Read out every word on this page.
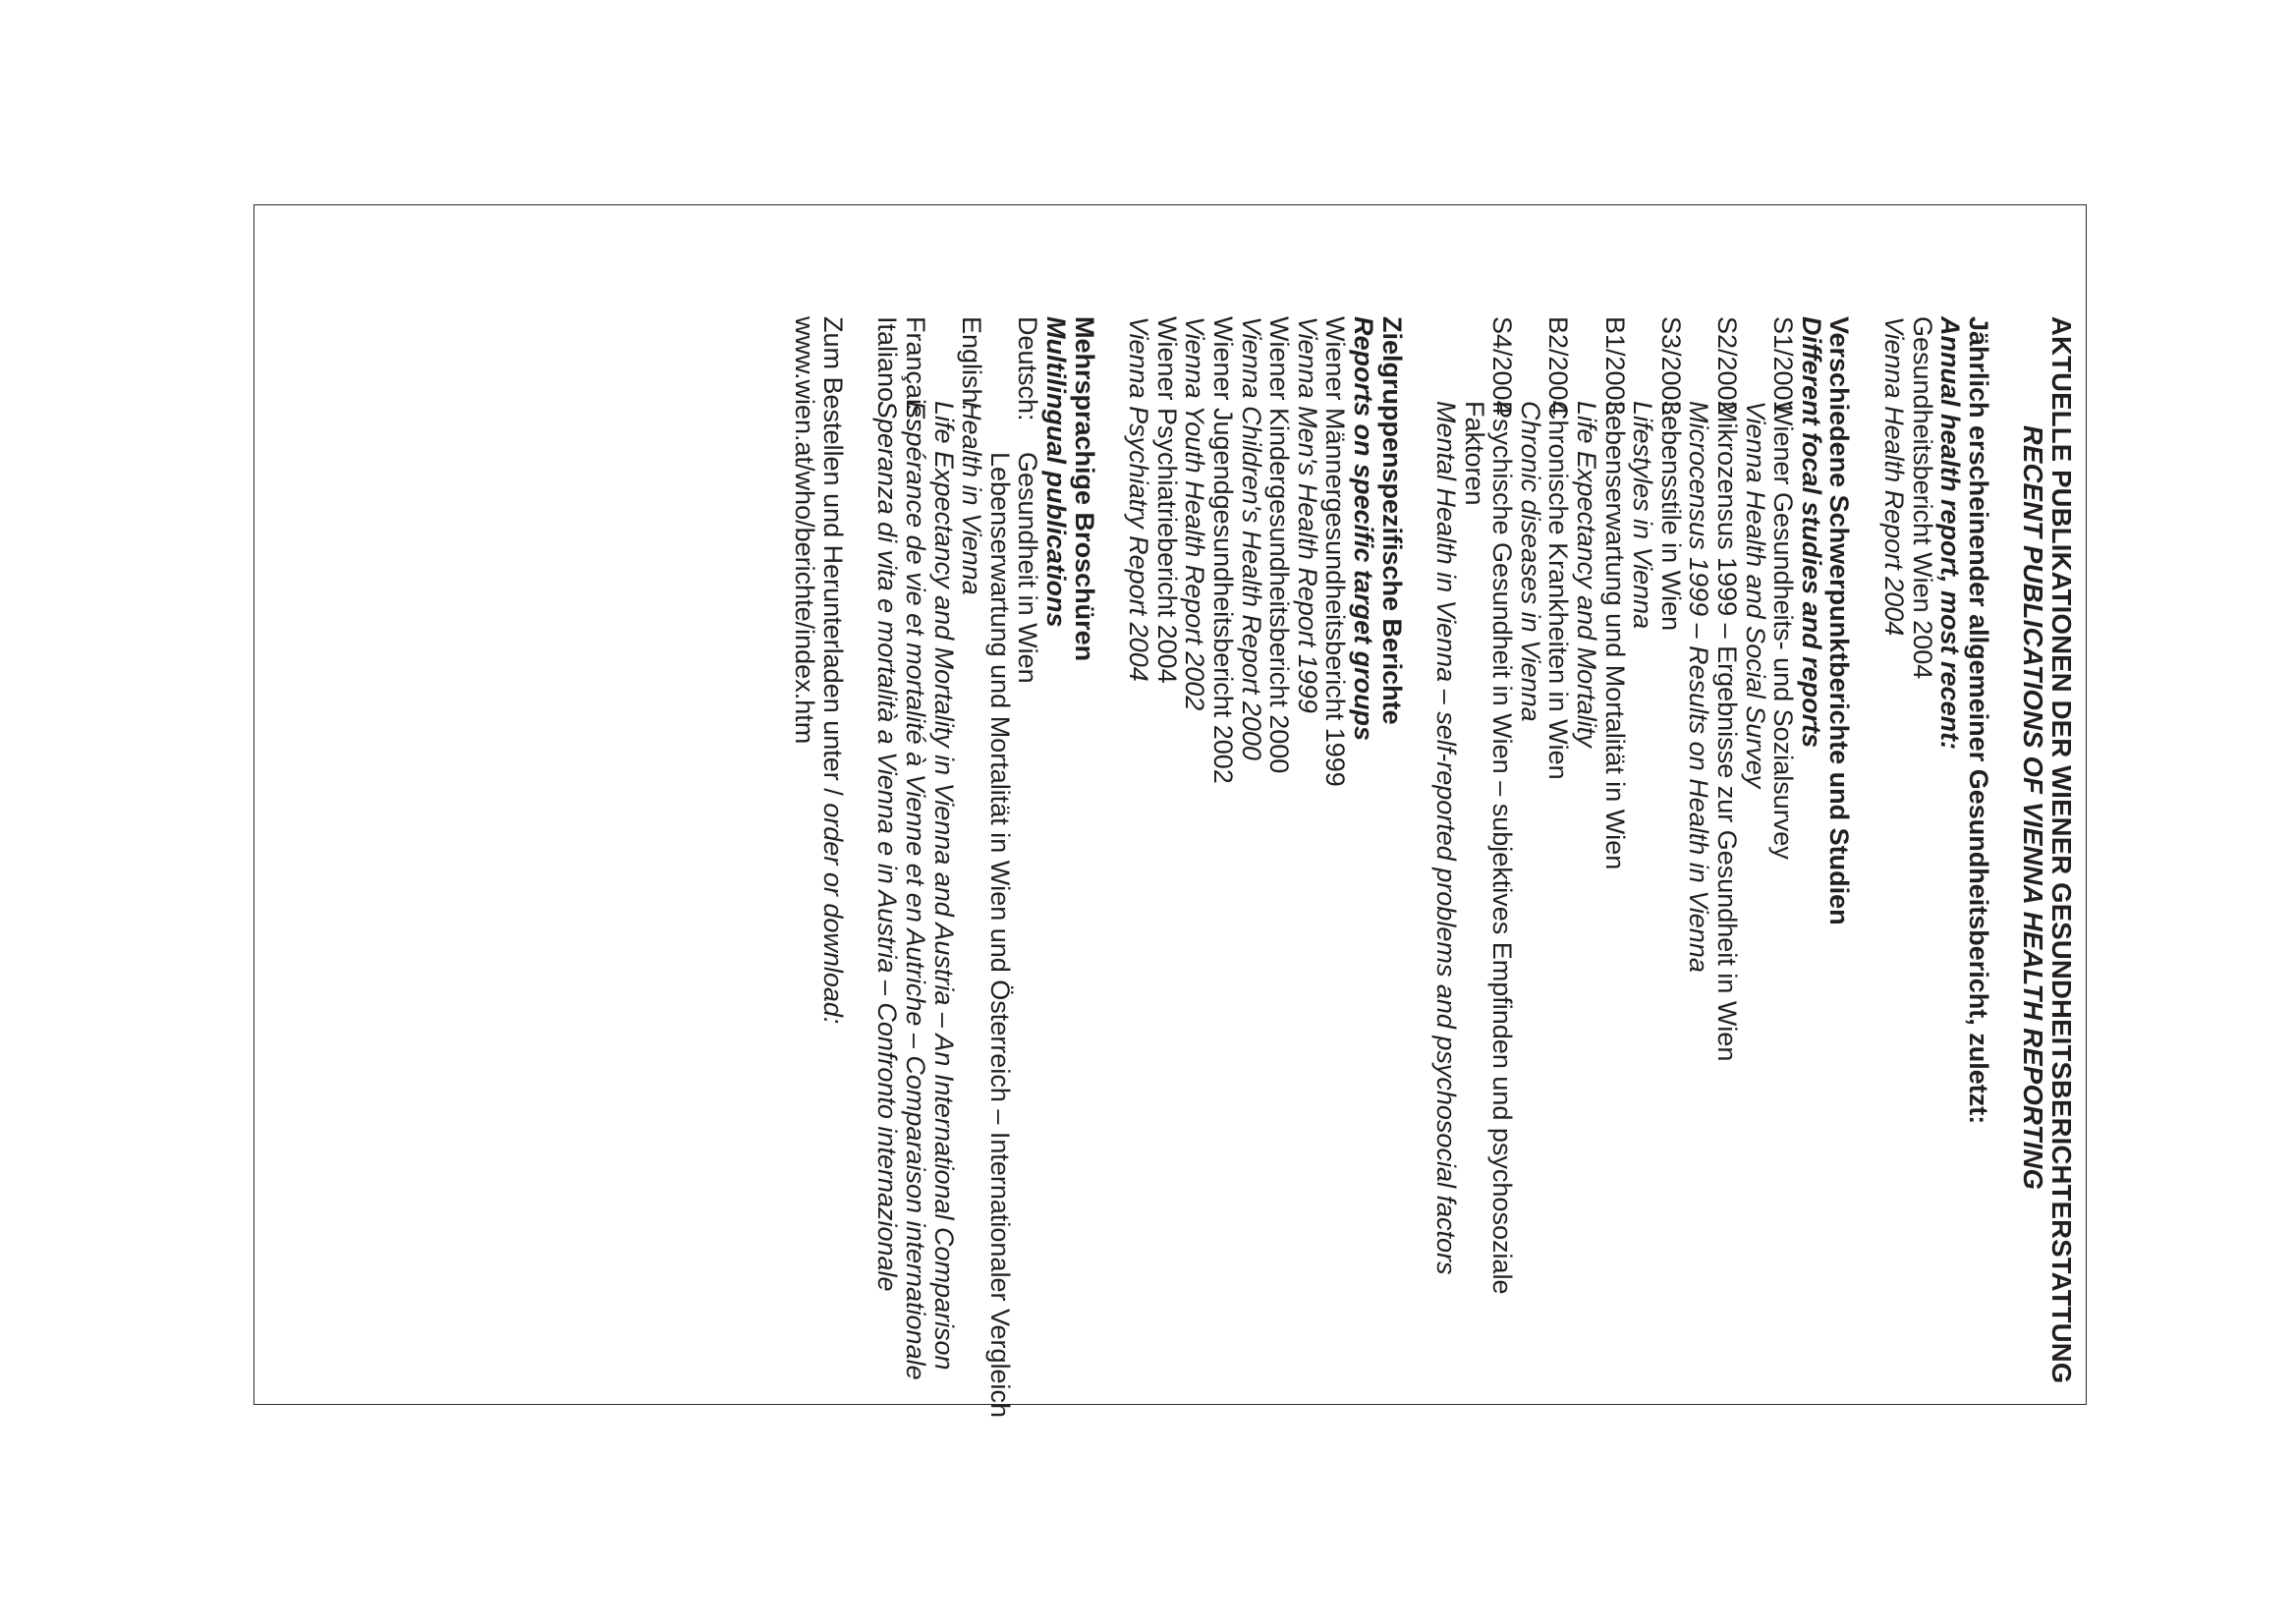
AKTUELLE PUBLIKATIONEN DER WIENER GESUNDHEITSBERICHTERSTATTUNG
RECENT PUBLICATIONS OF VIENNA HEALTH REPORTING
Jährlich erscheinender allgemeiner Gesundheitsbericht, zuletzt:
Annual health report, most recent:
Gesundheitsbericht Wien 2004
Vienna Health Report 2004
Verschiedene Schwerpunktberichte und Studien
Different focal studies and reports
S1/2001
Wiener Gesundheits- und Sozialsurvey
Vienna Health and Social Survey
S2/2002
Mikrozensus 1999 – Ergebnisse zur Gesundheit in Wien
Microcensus 1999 – Results on Health in Vienna
S3/2003
Lebensstile in Wien
Lifestyles in Vienna
B1/2003
Lebenserwartung und Mortalität in Wien
Life Expectancy and Mortality
B2/2004
Chronische Krankheiten in Wien
Chronic diseases in Vienna
S4/2004
Psychische Gesundheit in Wien – subjektives Empfinden und psychosoziale Faktoren
Mental Health in Vienna – self-reported problems and psychosocial factors
Zielgruppenspezifische Berichte
Reports on specific target groups
Wiener Männergesundheitsbericht 1999
Vienna Men's Health Report 1999
Wiener Kindergesundheitsbericht 2000
Vienna Children's Health Report 2000
Wiener Jugendgesundheitsbericht 2002
Vienna Youth Health Report 2002
Wiener Psychiatriebericht 2004
Vienna Psychiatry Report 2004
Mehrsprachige Broschüren
Multilingual publications
Deutsch:
Gesundheit in Wien
Lebenserwartung und Mortalität in Wien und Österreich – Internationaler Vergleich
English:
Health in Vienna
Life Expectancy and Mortality in Vienna and Austria – An International Comparison
Français:
Espérance de vie et mortalité à Vienne et en Autriche – Comparaison internationale
Italiano:
Speranza di vita e mortalità a Vienna e in Austria – Confronto internazionale
Zum Bestellen und Herunterladen unter / order or download:
www.wien.at/who/berichte/index.htm
